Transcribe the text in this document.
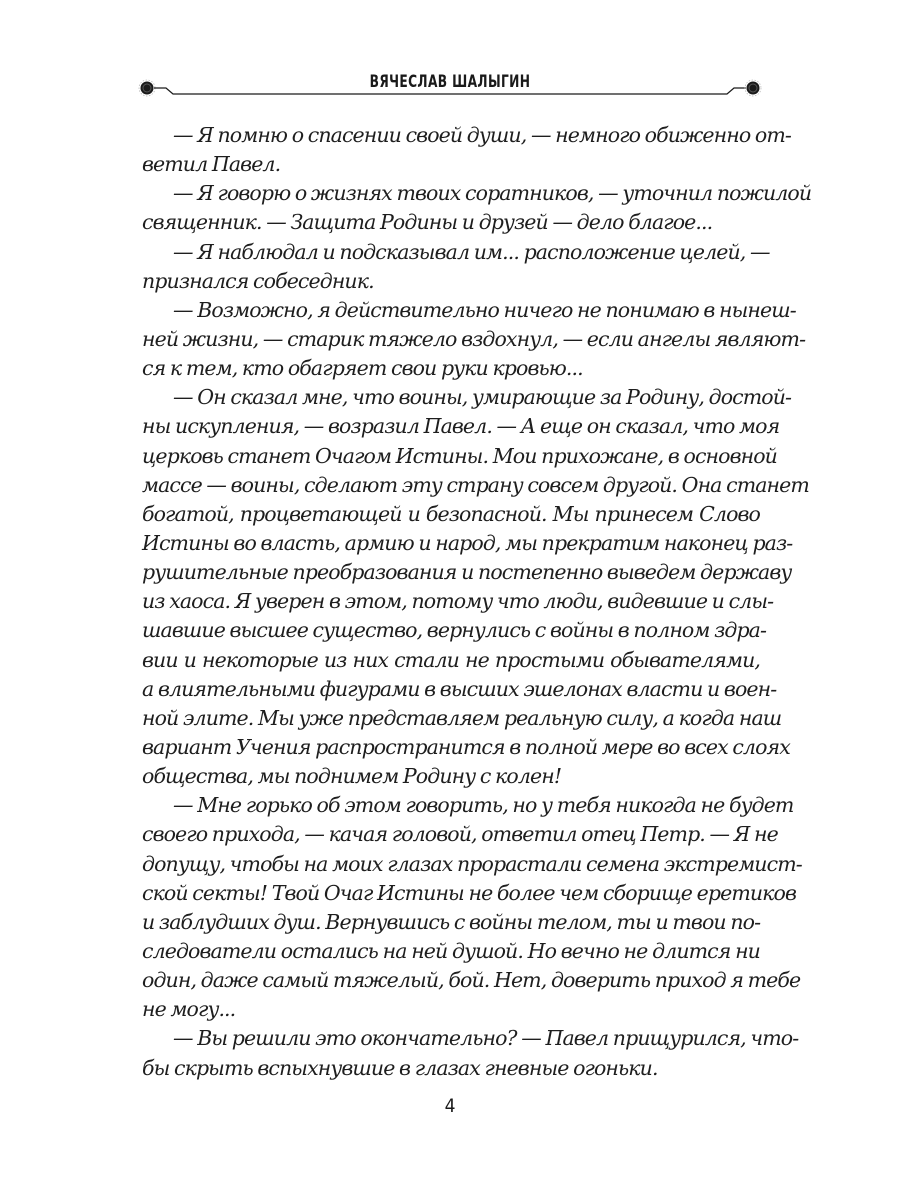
ВЯЧЕСЛАВ ШАЛЫГИН
— Я помню о спасении своей души, — немного обиженно от-
ветил Павел.
— Я говорю о жизнях твоих соратников, — уточнил пожилой
священник. — Защита Родины и друзей — дело благое...
— Я наблюдал и подсказывал им... расположение целей, —
признался собеседник.
— Возможно, я действительно ничего не понимаю в нынеш-
ней жизни, — старик тяжело вздохнул, — если ангелы являют-
ся к тем, кто обагряет свои руки кровью...
— Он сказал мне, что воины, умирающие за Родину, достой-
ны искупления, — возразил Павел. — А еще он сказал, что моя
церковь станет Очагом Истины. Мои прихожане, в основной
массе — воины, сделают эту страну совсем другой. Она станет
богатой, процветающей и безопасной. Мы принесем Слово
Истины во власть, армию и народ, мы прекратим наконец раз-
рушительные преобразования и постепенно выведем державу
из хаоса. Я уверен в этом, потому что люди, видевшие и слы-
шавшие высшее существо, вернулись с войны в полном здра-
вии и некоторые из них стали не простыми обывателями,
а влиятельными фигурами в высших эшелонах власти и воен-
ной элите. Мы уже представляем реальную силу, а когда наш
вариант Учения распространится в полной мере во всех слоях
общества, мы поднимем Родину с колен!
— Мне горько об этом говорить, но у тебя никогда не будет
своего прихода, — качая головой, ответил отец Петр. — Я не
допущу, чтобы на моих глазах прорастали семена экстремист-
ской секты! Твой Очаг Истины не более чем сборище еретиков
и заблудших душ. Вернувшись с войны телом, ты и твои по-
следователи остались на ней душой. Но вечно не длится ни
один, даже самый тяжелый, бой. Нет, доверить приход я тебе
не могу...
— Вы решили это окончательно? — Павел прищурился, что-
бы скрыть вспыхнувшие в глазах гневные огоньки.
4
